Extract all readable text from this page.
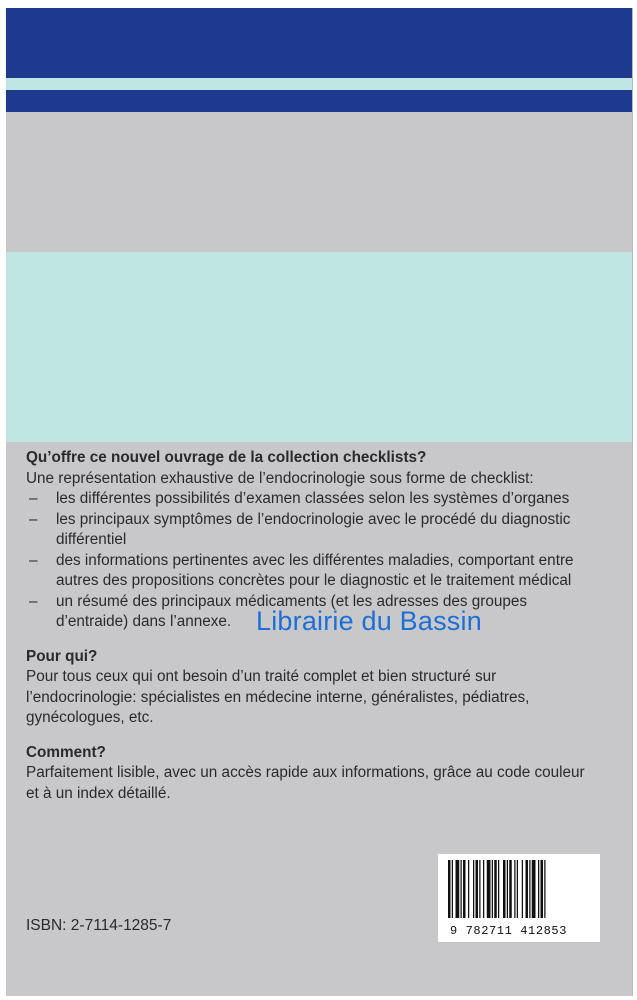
9 782711 412853
Qu’offre ce nouvel ouvrage de la collection checklists?

Une représentation exhaustive de l’endocrinologie sous forme de checklist:

– les différentes possibilités d’examen classées selon les systèmes d’organes
– les principaux symptômes de l’endocrinologie avec le procédé du diagnostic différentiel
– des informations pertinentes avec les différentes maladies, comportant entre autres des propositions concrètes pour le diagnostic et le traitement médical
– un résumé des principaux médicaments (et les adresses des groupes d’entraide) dans l’annexe.
Pour qui?

Pour tous ceux qui ont besoin d’un traité complet et bien structuré sur l’endocrinologie: spécialistes en médecine interne, généralistes, pédiatres, gynécologues, etc.

Comment?

Parfaitement lisible, avec un accès rapide aux informations, grâce au code couleur et à un index détaillé.

Librairie du Bassin
ISBN: 2-7114-1285-7
